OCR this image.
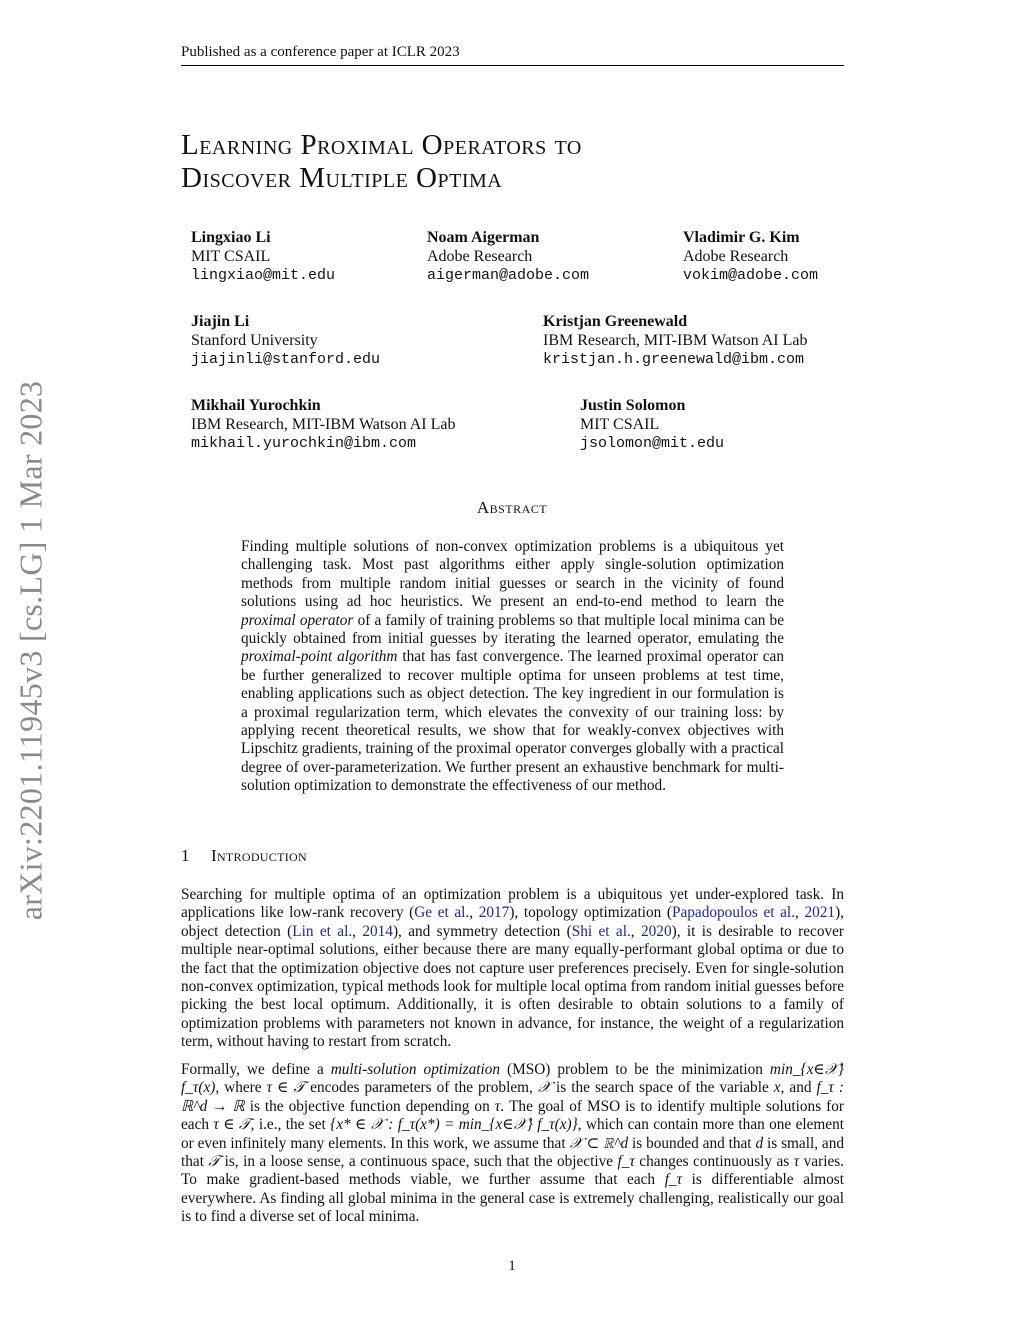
Published as a conference paper at ICLR 2023
arXiv:2201.11945v3 [cs.LG] 1 Mar 2023
Learning Proximal Operators to
Discover Multiple Optima
Lingxiao Li
MIT CSAIL
lingxiao@mit.edu
Noam Aigerman
Adobe Research
aigerman@adobe.com
Vladimir G. Kim
Adobe Research
vokim@adobe.com
Jiajin Li
Stanford University
jiajinli@stanford.edu
Kristjan Greenewald
IBM Research, MIT-IBM Watson AI Lab
kristjan.h.greenewald@ibm.com
Mikhail Yurochkin
IBM Research, MIT-IBM Watson AI Lab
mikhail.yurochkin@ibm.com
Justin Solomon
MIT CSAIL
jsolomon@mit.edu
Abstract
Finding multiple solutions of non-convex optimization problems is a ubiquitous yet challenging task. Most past algorithms either apply single-solution optimization methods from multiple random initial guesses or search in the vicinity of found solutions using ad hoc heuristics. We present an end-to-end method to learn the proximal operator of a family of training problems so that multiple local minima can be quickly obtained from initial guesses by iterating the learned operator, emulating the proximal-point algorithm that has fast convergence. The learned proximal operator can be further generalized to recover multiple optima for unseen problems at test time, enabling applications such as object detection. The key ingredient in our formulation is a proximal regularization term, which elevates the convexity of our training loss: by applying recent theoretical results, we show that for weakly-convex objectives with Lipschitz gradients, training of the proximal operator converges globally with a practical degree of over-parameterization. We further present an exhaustive benchmark for multi-solution optimization to demonstrate the effectiveness of our method.
1 Introduction
Searching for multiple optima of an optimization problem is a ubiquitous yet under-explored task. In applications like low-rank recovery (Ge et al., 2017), topology optimization (Papadopoulos et al., 2021), object detection (Lin et al., 2014), and symmetry detection (Shi et al., 2020), it is desirable to recover multiple near-optimal solutions, either because there are many equally-performant global optima or due to the fact that the optimization objective does not capture user preferences precisely. Even for single-solution non-convex optimization, typical methods look for multiple local optima from random initial guesses before picking the best local optimum. Additionally, it is often desirable to obtain solutions to a family of optimization problems with parameters not known in advance, for instance, the weight of a regularization term, without having to restart from scratch.
Formally, we define a multi-solution optimization (MSO) problem to be the minimization min_{x∈𝒳} f_τ(x), where τ ∈ 𝒯 encodes parameters of the problem, 𝒳 is the search space of the variable x, and f_τ : ℝ^d → ℝ is the objective function depending on τ. The goal of MSO is to identify multiple solutions for each τ ∈ 𝒯, i.e., the set {x* ∈ 𝒳 : f_τ(x*) = min_{x∈𝒳} f_τ(x)}, which can contain more than one element or even infinitely many elements. In this work, we assume that 𝒳 ⊂ ℝ^d is bounded and that d is small, and that 𝒯 is, in a loose sense, a continuous space, such that the objective f_τ changes continuously as τ varies. To make gradient-based methods viable, we further assume that each f_τ is differentiable almost everywhere. As finding all global minima in the general case is extremely challenging, realistically our goal is to find a diverse set of local minima.
1
